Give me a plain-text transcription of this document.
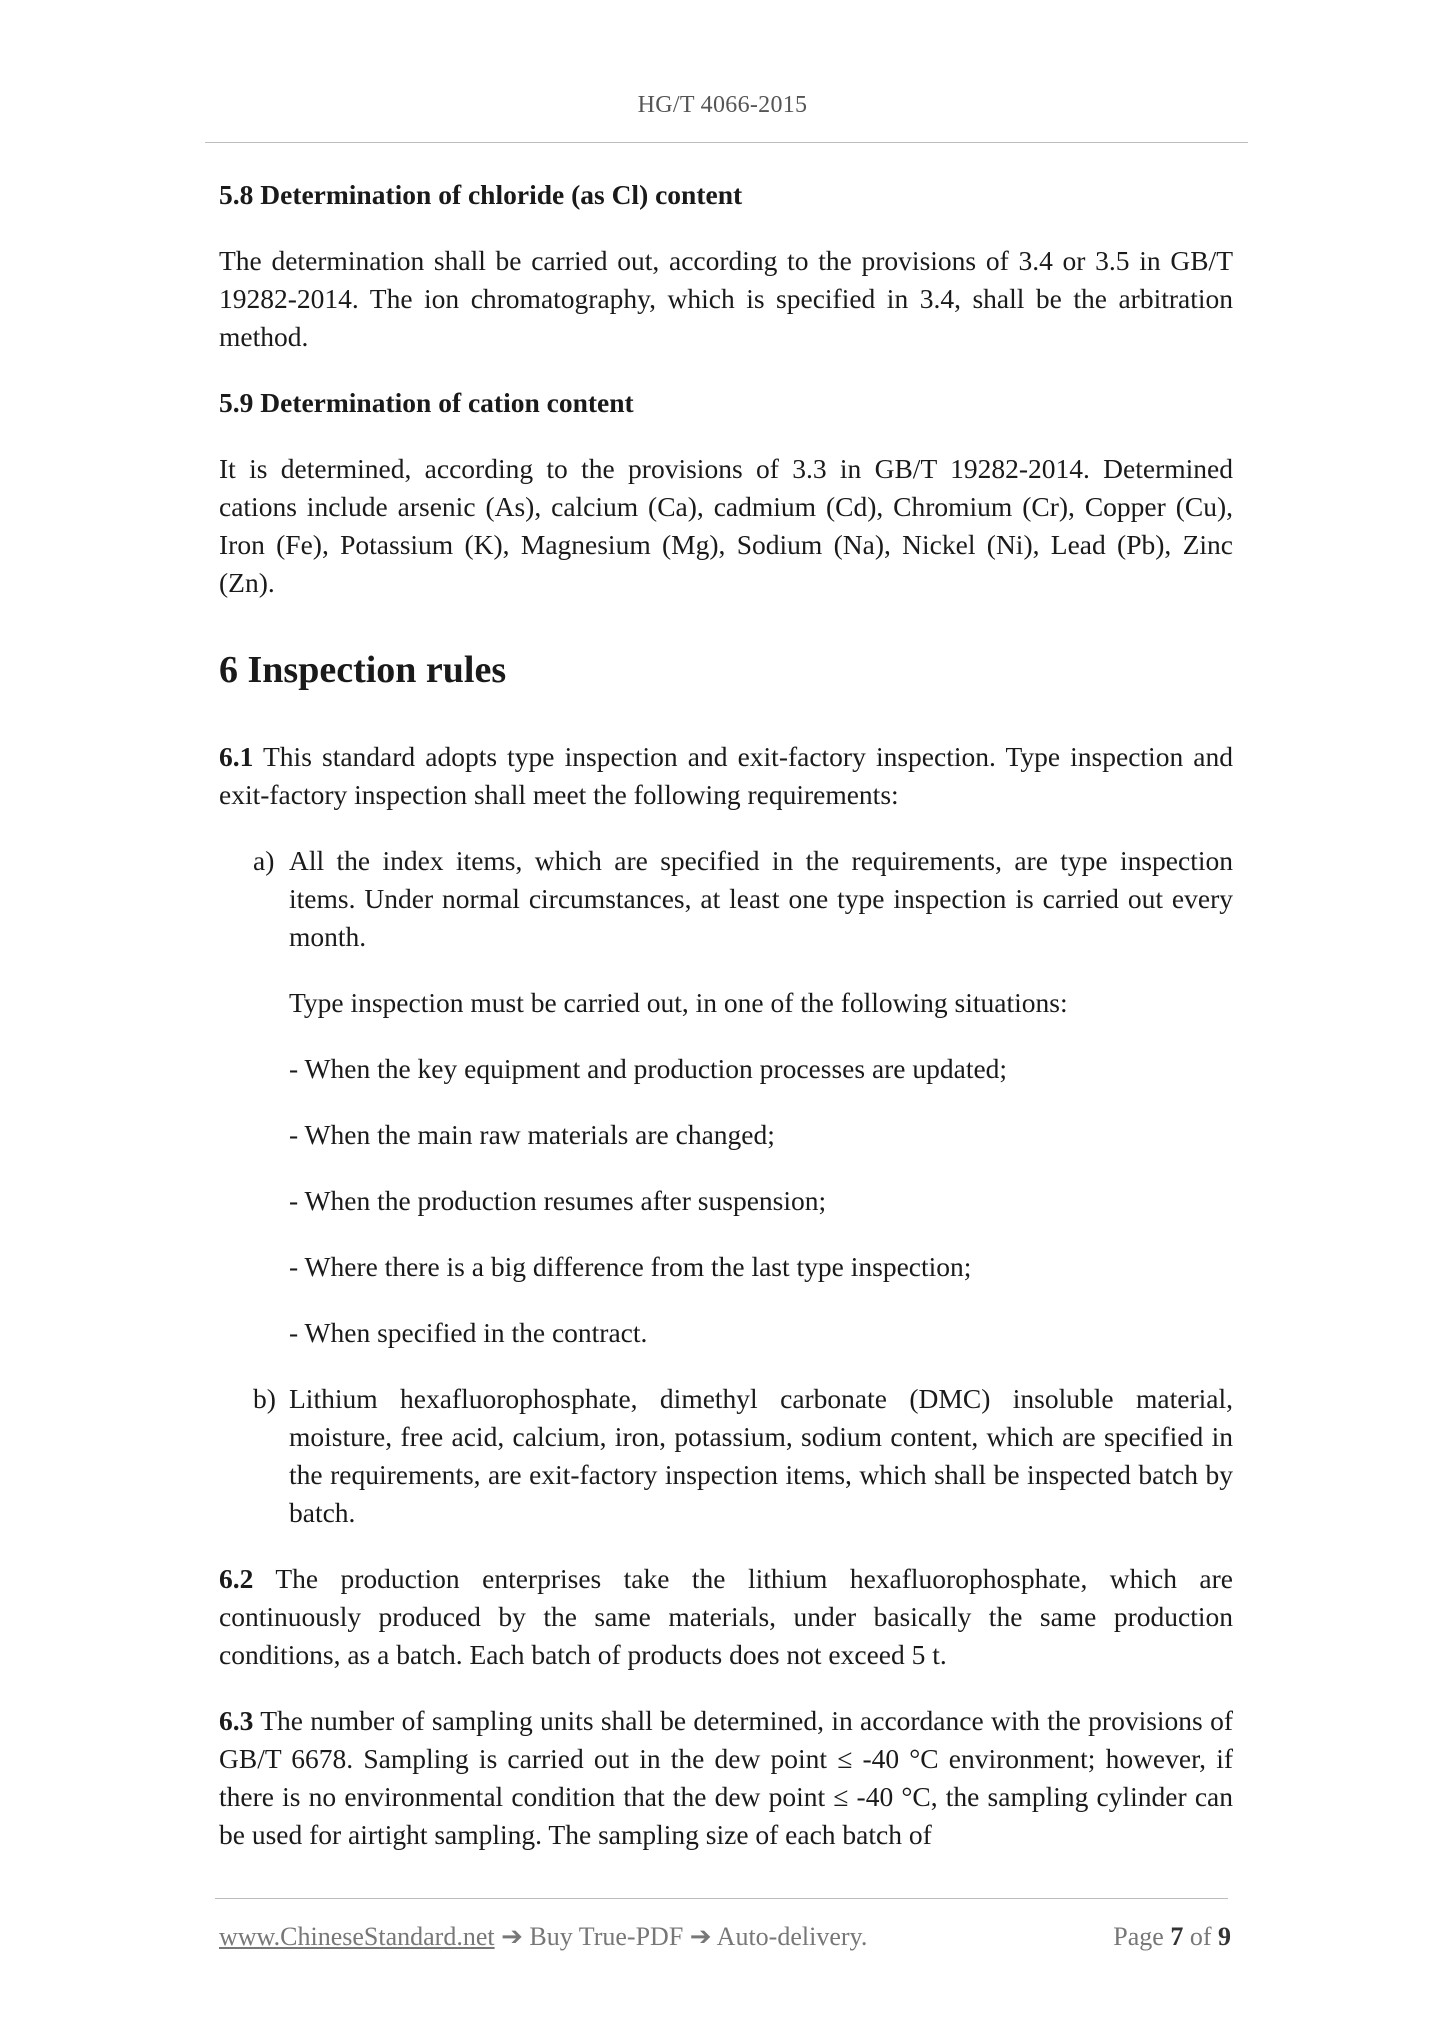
HG/T 4066-2015

5.8 Determination of chloride (as Cl) content

The determination shall be carried out, according to the provisions of 3.4 or 3.5 in GB/T 19282-2014. The ion chromatography, which is specified in 3.4, shall be the arbitration method.

5.9 Determination of cation content

It is determined, according to the provisions of 3.3 in GB/T 19282-2014. Determined cations include arsenic (As), calcium (Ca), cadmium (Cd), Chromium (Cr), Copper (Cu), Iron (Fe), Potassium (K), Magnesium (Mg), Sodium (Na), Nickel (Ni), Lead (Pb), Zinc (Zn).

6 Inspection rules

6.1 This standard adopts type inspection and exit-factory inspection. Type inspection and exit-factory inspection shall meet the following requirements:

a) All the index items, which are specified in the requirements, are type inspection items. Under normal circumstances, at least one type inspection is carried out every month.

Type inspection must be carried out, in one of the following situations:

- When the key equipment and production processes are updated;

- When the main raw materials are changed;

- When the production resumes after suspension;

- Where there is a big difference from the last type inspection;

- When specified in the contract.

b) Lithium hexafluorophosphate, dimethyl carbonate (DMC) insoluble material, moisture, free acid, calcium, iron, potassium, sodium content, which are specified in the requirements, are exit-factory inspection items, which shall be inspected batch by batch.

6.2 The production enterprises take the lithium hexafluorophosphate, which are continuously produced by the same materials, under basically the same production conditions, as a batch. Each batch of products does not exceed 5 t.

6.3 The number of sampling units shall be determined, in accordance with the provisions of GB/T 6678. Sampling is carried out in the dew point ≤ -40 °C environment; however, if there is no environmental condition that the dew point ≤ -40 °C, the sampling cylinder can be used for airtight sampling. The sampling size of each batch of

www.ChineseStandard.net ➔ Buy True-PDF ➔ Auto-delivery.	Page 7 of 9
